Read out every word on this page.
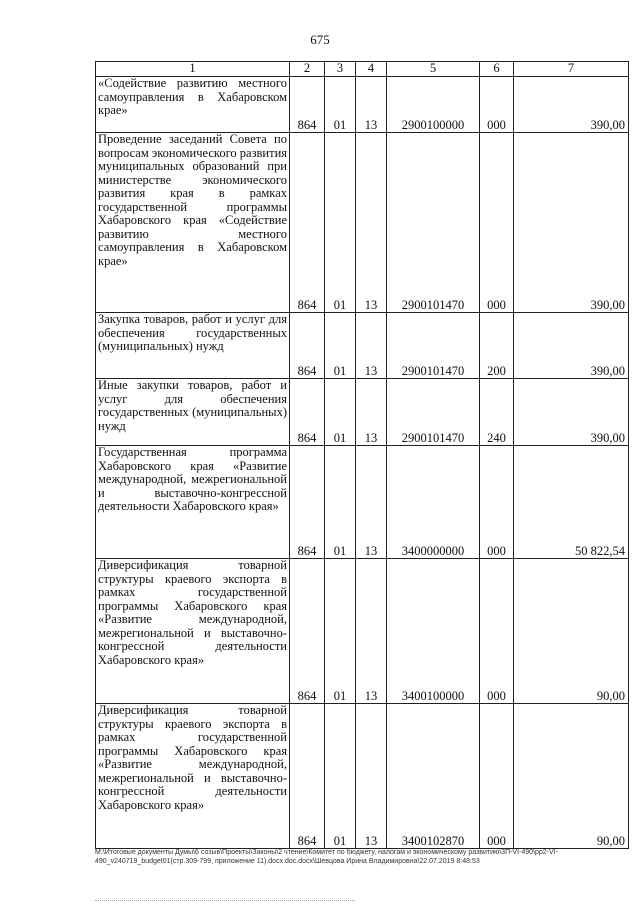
675
1	2	3	4	5	6	7
«Содействие развитию местного самоуправления в Хабаровском крае»	864	01	13	2900100000	000	390,00
Проведение заседаний Совета по вопросам экономического развития муниципальных образований при министерстве экономического развития края в рамках государственной программы Хабаровского края «Содействие развитию местного самоуправления в Хабаровском крае»	864	01	13	2900101470	000	390,00
Закупка товаров, работ и услуг для обеспечения государственных (муниципальных) нужд	864	01	13	2900101470	200	390,00
Иные закупки товаров, работ и услуг для обеспечения государственных (муниципальных) нужд	864	01	13	2900101470	240	390,00
Государственная программа Хабаровского края «Развитие международной, межрегиональной и выставочно-конгрессной деятельности Хабаровского края»	864	01	13	3400000000	000	50 822,54
Диверсификация товарной структуры краевого экспорта в рамках государственной программы Хабаровского края «Развитие международной, межрегиональной и выставочно-конгрессной деятельности Хабаровского края»	864	01	13	3400100000	000	90,00
Диверсификация товарной структуры краевого экспорта в рамках государственной программы Хабаровского края «Развитие международной, межрегиональной и выставочно-конгрессной деятельности Хабаровского края»	864	01	13	3400102870	000	90,00
М:\Итоговые документы Думы\6 созыв\Проекты\Законы\2 чтение\Комитет по бюджету, налогам и экономическому развитию\3П-VI-490\pp2-VI-490_v240719_budget01(стр.309-799, приложение 11).docx.doc.docx\Шевцова Ирина Владимировна\22.07.2019 8:48:53
